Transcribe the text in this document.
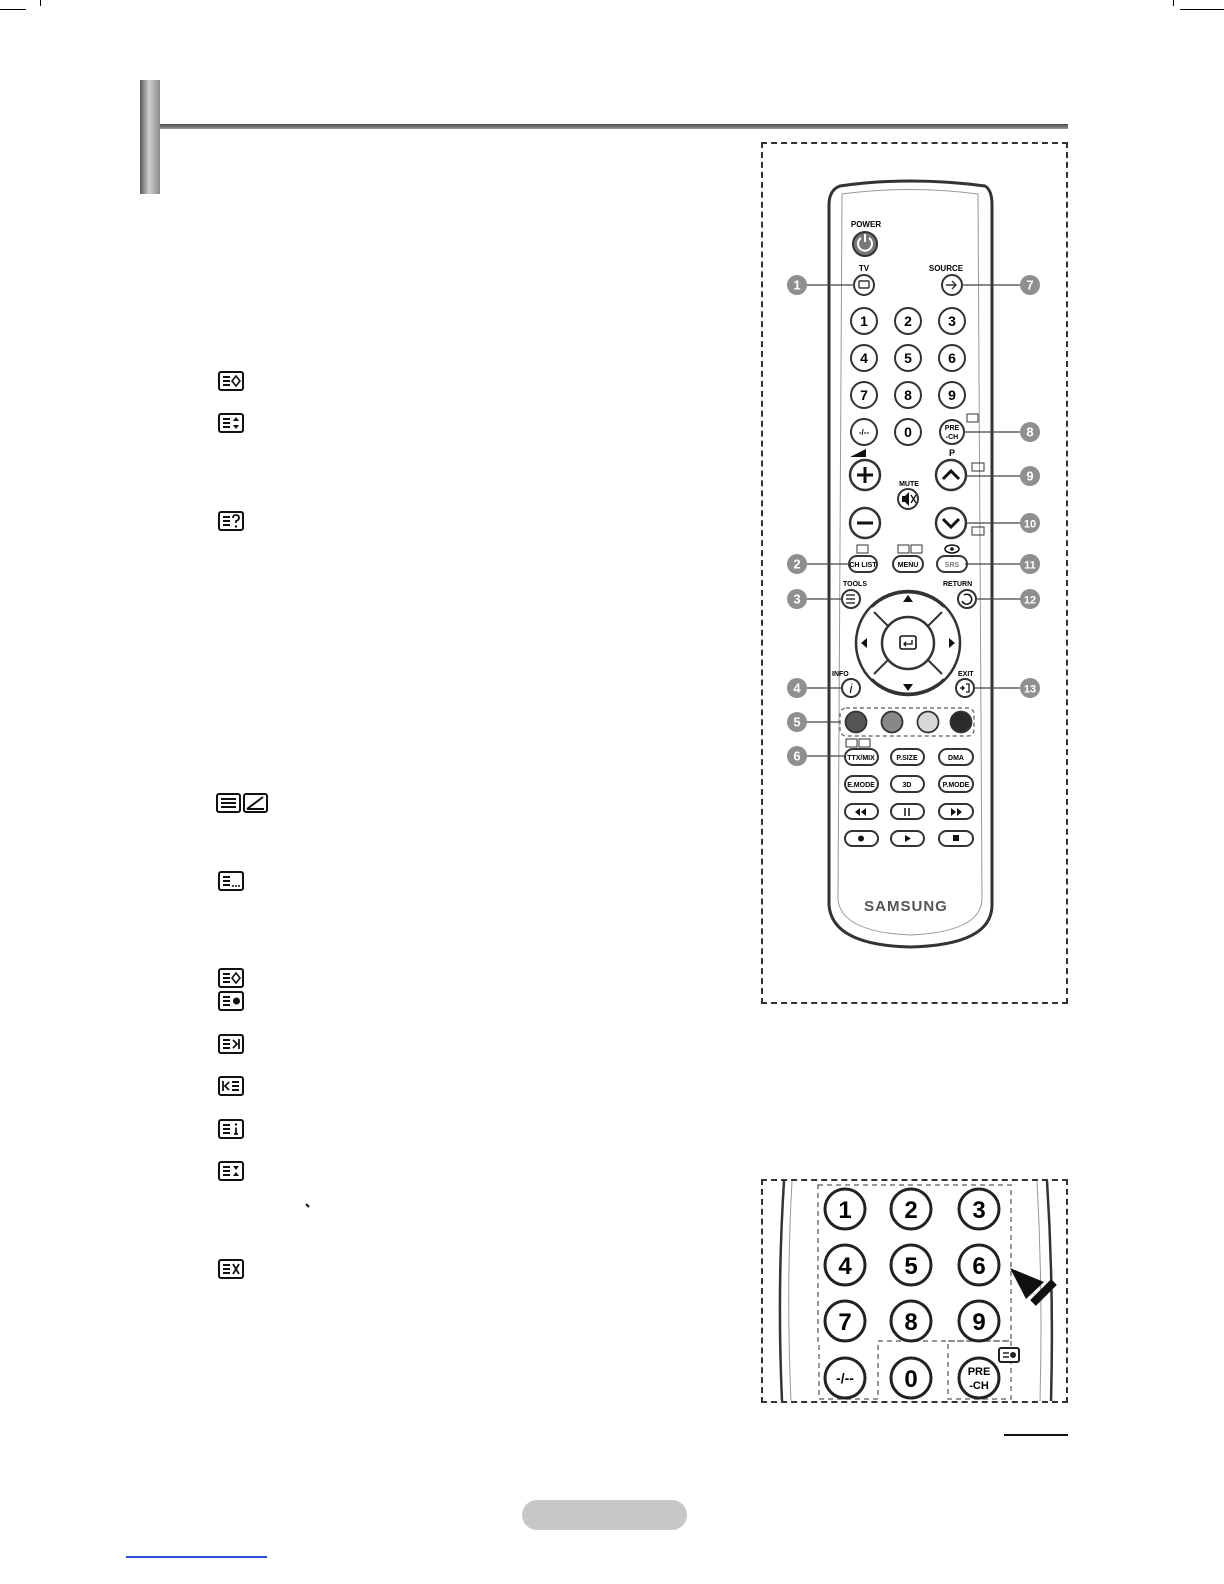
POWER
TV	SOURCE
1	2	3
4	5	6
7	8	9
-/-- 0	PRE
-CH
MUTE
P
CH LIST	MENU	SRS
TOOLS	RETURN
INFO
i
EXIT
TTX/MIX	P.SIZE	DMA
E.MODE	3D	P.MODE
SAMSUNG
1
2
3
4
5
6
7
8
9
10
11
12
13
1 2 3
4 5 6
7 8 9
-/-- 0	PRE
-CH
